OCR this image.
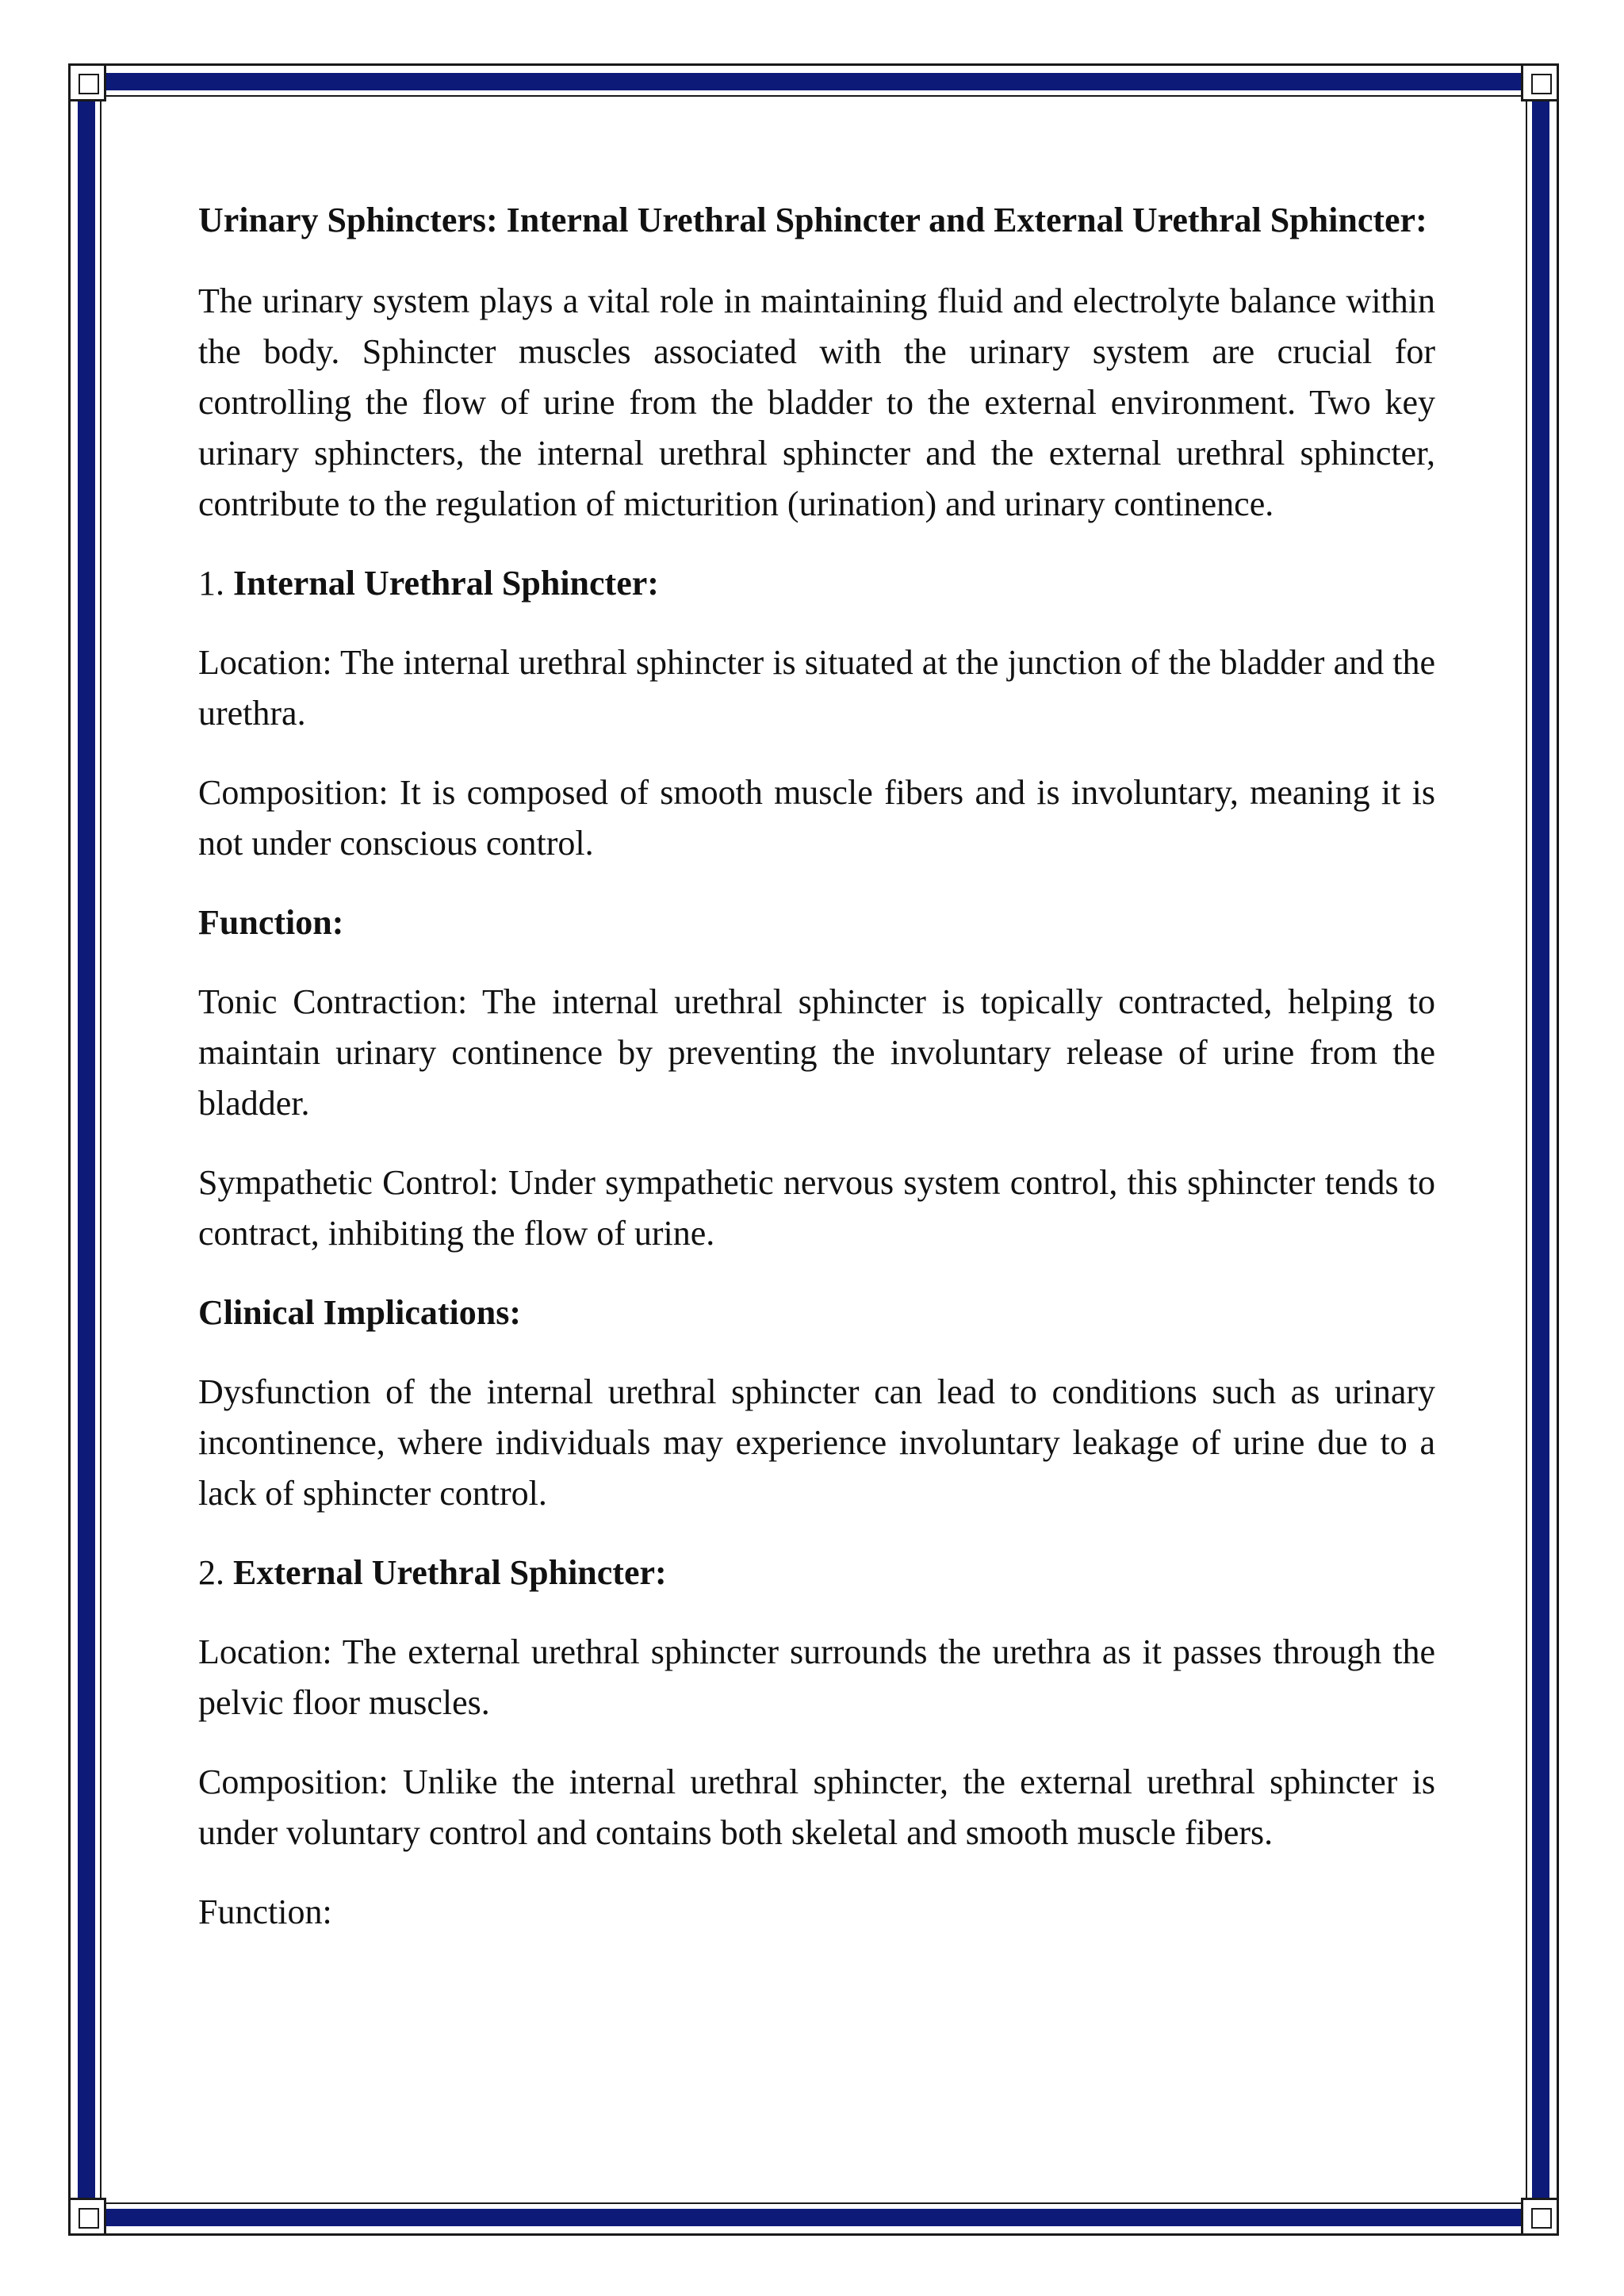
Urinary Sphincters: Internal Urethral Sphincter and External Urethral Sphincter:

The urinary system plays a vital role in maintaining fluid and electrolyte balance within the body. Sphincter muscles associated with the urinary system are crucial for controlling the flow of urine from the bladder to the external environment. Two key urinary sphincters, the internal urethral sphincter and the external urethral sphincter, contribute to the regulation of micturition (urination) and urinary continence.

1. Internal Urethral Sphincter:

Location: The internal urethral sphincter is situated at the junction of the bladder and the urethra.

Composition: It is composed of smooth muscle fibers and is involuntary, meaning it is not under conscious control.

Function:

Tonic Contraction: The internal urethral sphincter is topically contracted, helping to maintain urinary continence by preventing the involuntary release of urine from the bladder.

Sympathetic Control: Under sympathetic nervous system control, this sphincter tends to contract, inhibiting the flow of urine.

Clinical Implications:

Dysfunction of the internal urethral sphincter can lead to conditions such as urinary incontinence, where individuals may experience involuntary leakage of urine due to a lack of sphincter control.

2. External Urethral Sphincter:

Location: The external urethral sphincter surrounds the urethra as it passes through the pelvic floor muscles.

Composition: Unlike the internal urethral sphincter, the external urethral sphincter is under voluntary control and contains both skeletal and smooth muscle fibers.

Function:
